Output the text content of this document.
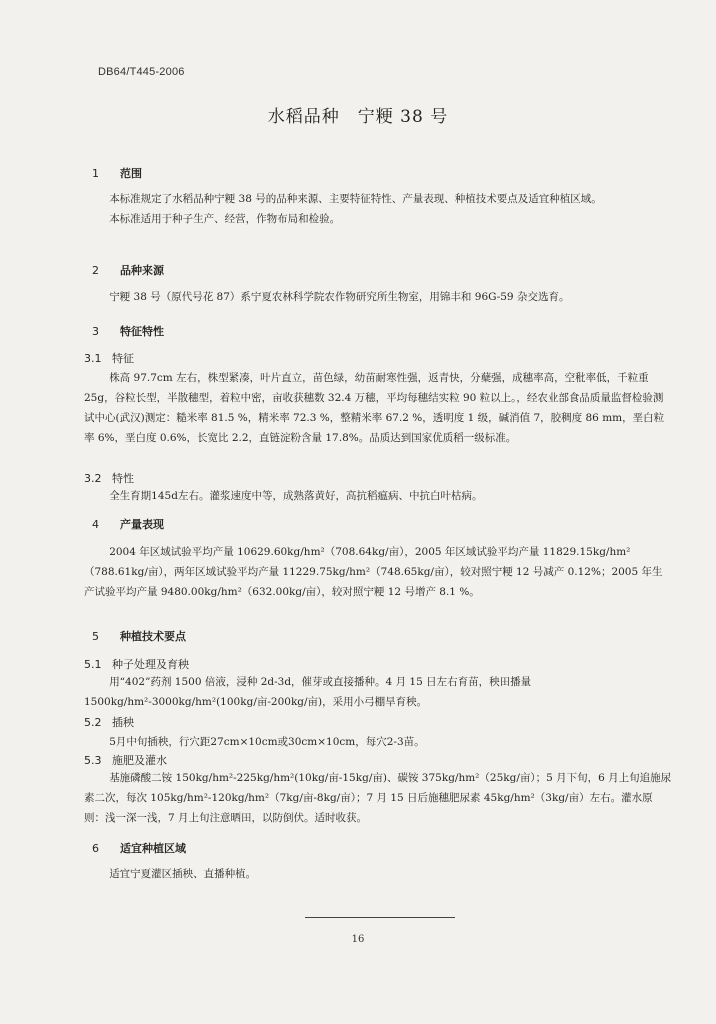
DB64/T445-2006
水稻品种　宁粳 38 号
1 范围

本标准规定了水稻品种宁粳 38 号的品种来源、主要特征特性、产量表现、种植技术要点及适宜种植区域。

本标准适用于种子生产、经营，作物布局和检验。

2 品种来源

宁粳 38 号（原代号花 87）系宁夏农林科学院农作物研究所生物室，用锦丰和 96G-59 杂交选育。

3 特征特性
3.1 特征

株高 97.7cm 左右，株型紧凑，叶片直立，苗色绿，幼苗耐寒性强，返青快，分蘖强，成穗率高，空秕率低，千粒重 25g，谷粒长型，半散穗型，着粒中密，亩收获穗数 32.4 万穗，平均每穗结实粒 90 粒以上。，经农业部食品质量监督检验测试中心(武汉)测定：糙米率 81.5 %，精米率 72.3 %，整精米率 67.2 %，透明度 1 级，碱消值 7，胶稠度 86 mm，垩白粒率 6%，垩白度 0.6%，长宽比 2.2，直链淀粉含量 17.8%。品质达到国家优质稻一级标准。

3.2 特性

全生育期145d左右。灌浆速度中等，成熟落黄好，高抗稻瘟病、中抗白叶枯病。

4 产量表现

2004 年区域试验平均产量 10629.60kg/hm²（708.64kg/亩），2005 年区域试验平均产量 11829.15kg/hm²（788.61kg/亩），两年区域试验平均产量 11229.75kg/hm²（748.65kg/亩），较对照宁粳 12 号减产 0.12%；2005 年生产试验平均产量 9480.00kg/hm²（632.00kg/亩），较对照宁粳 12 号增产 8.1 %。

5 种植技术要点
5.1 种子处理及育秧

用“402”药剂 1500 倍液，浸种 2d-3d，催芽或直接播种。4 月 15 日左右育苗，秧田播量 1500kg/hm²-3000kg/hm²(100kg/亩-200kg/亩)，采用小弓棚旱育秧。

5.2 插秧

5月中旬插秧，行穴距27cm×10cm或30cm×10cm，每穴2-3苗。

5.3 施肥及灌水

基施磷酸二铵 150kg/hm²-225kg/hm²(10kg/亩-15kg/亩)、碳铵 375kg/hm²（25kg/亩）；5 月下旬，6 月上旬追施尿素二次，每次 105kg/hm²-120kg/hm²（7kg/亩-8kg/亩）；7 月 15 日后施穗肥尿素 45kg/hm²（3kg/亩）左右。灌水原则：浅一深一浅，7 月上旬注意晒田，以防倒伏。适时收获。

6 适宜种植区域

适宜宁夏灌区插秧、直播种植。

16
